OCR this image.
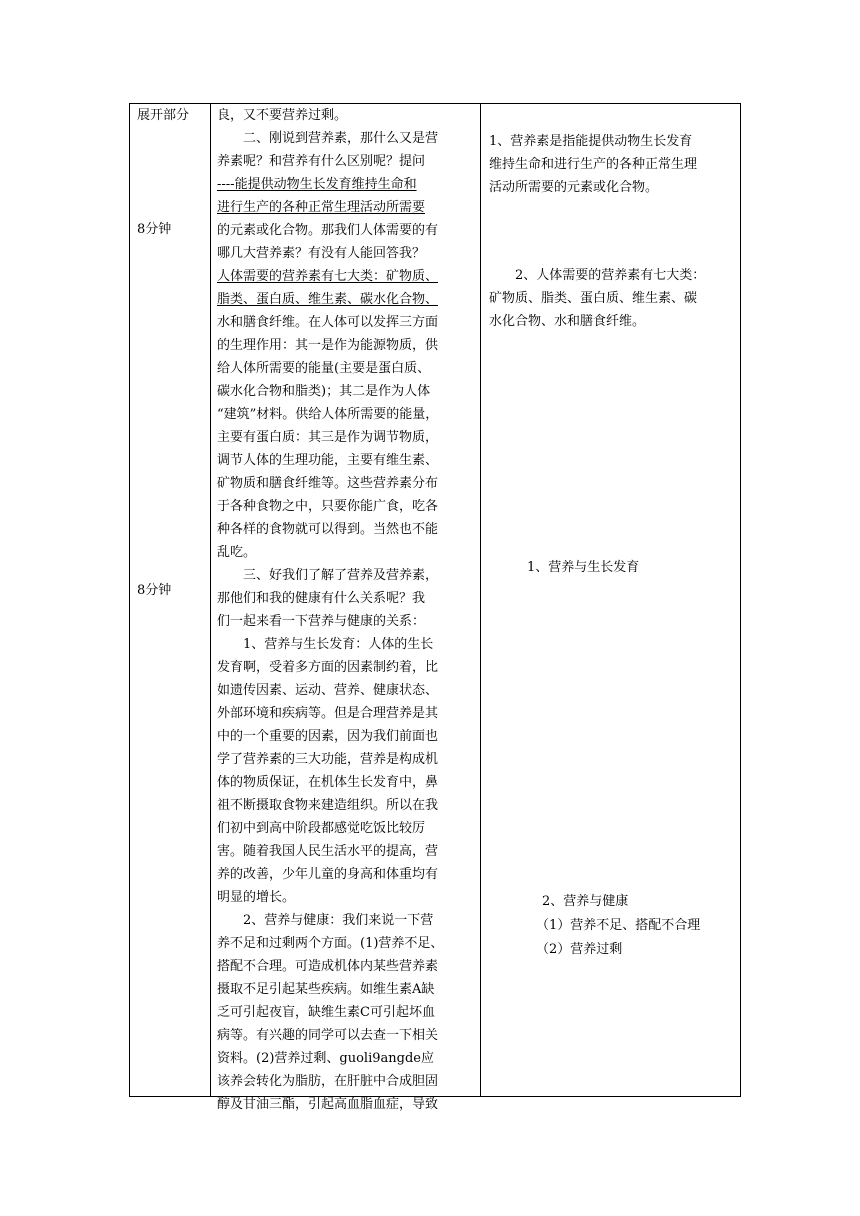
展开部分
8分钟
8分钟
良，又不要营养过剩。
　　二、刚说到营养素，那什么又是营
养素呢？和营养有什么区别呢？提问
----能提供动物生长发育维持生命和
进行生产的各种正常生理活动所需要
的元素或化合物。那我们人体需要的有
哪几大营养素？有没有人能回答我？
人体需要的营养素有七大类：矿物质、
脂类、蛋白质、维生素、碳水化合物、
水和膳食纤维。在人体可以发挥三方面
的生理作用：其一是作为能源物质，供
给人体所需要的能量(主要是蛋白质、
碳水化合物和脂类)；其二是作为人体
“建筑”材料。供给人体所需要的能量，
主要有蛋白质：其三是作为调节物质，
调节人体的生理功能，主要有维生素、
矿物质和膳食纤维等。这些营养素分布
于各种食物之中，只要你能广食，吃各
种各样的食物就可以得到。当然也不能
乱吃。
　　三、好我们了解了营养及营养素，
那他们和我的健康有什么关系呢？我
们一起来看一下营养与健康的关系：
　　1、营养与生长发育：人体的生长
发育啊，受着多方面的因素制约着，比
如遗传因素、运动、营养、健康状态、
外部环境和疾病等。但是合理营养是其
中的一个重要的因素，因为我们前面也
学了营养素的三大功能，营养是构成机
体的物质保证，在机体生长发育中，鼻
祖不断摄取食物来建造组织。所以在我
们初中到高中阶段都感觉吃饭比较厉
害。随着我国人民生活水平的提高，营
养的改善，少年儿童的身高和体重均有
明显的增长。
　　2、营养与健康：我们来说一下营
养不足和过剩两个方面。(1)营养不足、
搭配不合理。可造成机体内某些营养素
摄取不足引起某些疾病。如维生素A缺
乏可引起夜盲，缺维生素C可引起坏血
病等。有兴趣的同学可以去查一下相关
资料。(2)营养过剩、guoli9angde应
该养会转化为脂肪，在肝脏中合成胆固
醇及甘油三酯，引起高血脂血症，导致
1、营养素是指能提供动物生长发育
维持生命和进行生产的各种正常生理
活动所需要的元素或化合物。
　　2、人体需要的营养素有七大类：
矿物质、脂类、蛋白质、维生素、碳
水化合物、水和膳食纤维。
1、营养与生长发育
2、营养与健康
（1）营养不足、搭配不合理
（2）营养过剩
